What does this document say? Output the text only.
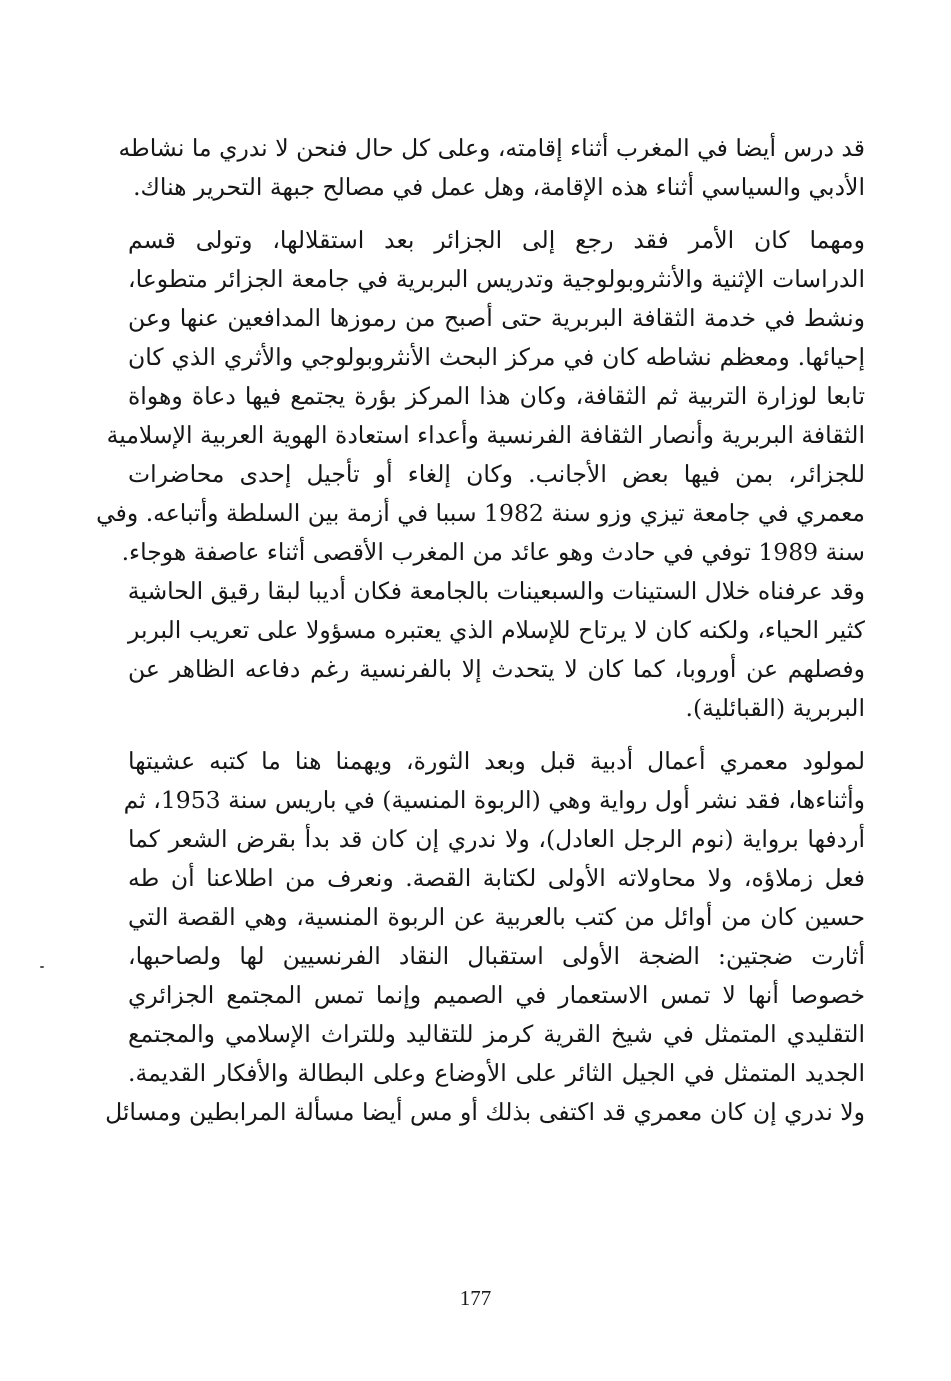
قد درس أيضا في المغرب أثناء إقامته، وعلى كل حال فنحن لا ندري ما نشاطه
الأدبي والسياسي أثناء هذه الإقامة، وهل عمل في مصالح جبهة التحرير هناك.
ومهما كان الأمر فقد رجع إلى الجزائر بعد استقلالها، وتولى قسم
الدراسات الإثنية والأنثروبولوجية وتدريس البربرية في جامعة الجزائر متطوعا،
ونشط في خدمة الثقافة البربرية حتى أصبح من رموزها المدافعين عنها وعن
إحيائها. ومعظم نشاطه كان في مركز البحث الأنثروبولوجي والأثري الذي كان
تابعا لوزارة التربية ثم الثقافة، وكان هذا المركز بؤرة يجتمع فيها دعاة وهواة
الثقافة البربرية وأنصار الثقافة الفرنسية وأعداء استعادة الهوية العربية الإسلامية
للجزائر، بمن فيها بعض الأجانب. وكان إلغاء أو تأجيل إحدى محاضرات
معمري في جامعة تيزي وزو سنة 1982 سببا في أزمة بين السلطة وأتباعه. وفي
سنة 1989 توفي في حادث وهو عائد من المغرب الأقصى أثناء عاصفة هوجاء.
وقد عرفناه خلال الستينات والسبعينات بالجامعة فكان أديبا لبقا رقيق الحاشية
كثير الحياء، ولكنه كان لا يرتاح للإسلام الذي يعتبره مسؤولا على تعريب البربر
وفصلهم عن أوروبا، كما كان لا يتحدث إلا بالفرنسية رغم دفاعه الظاهر عن
البربرية (القبائلية).
لمولود معمري أعمال أدبية قبل وبعد الثورة، ويهمنا هنا ما كتبه عشيتها
وأثناءها، فقد نشر أول رواية وهي (الربوة المنسية) في باريس سنة 1953، ثم
أردفها برواية (نوم الرجل العادل)، ولا ندري إن كان قد بدأ بقرض الشعر كما
فعل زملاؤه، ولا محاولاته الأولى لكتابة القصة. ونعرف من اطلاعنا أن طه
حسين كان من أوائل من كتب بالعربية عن الربوة المنسية، وهي القصة التي
أثارت ضجتين: الضجة الأولى استقبال النقاد الفرنسيين لها ولصاحبها،
خصوصا أنها لا تمس الاستعمار في الصميم وإنما تمس المجتمع الجزائري
التقليدي المتمثل في شيخ القرية كرمز للتقاليد وللتراث الإسلامي والمجتمع
الجديد المتمثل في الجيل الثائر على الأوضاع وعلى البطالة والأفكار القديمة.
ولا ندري إن كان معمري قد اكتفى بذلك أو مس أيضا مسألة المرابطين ومسائل
177
